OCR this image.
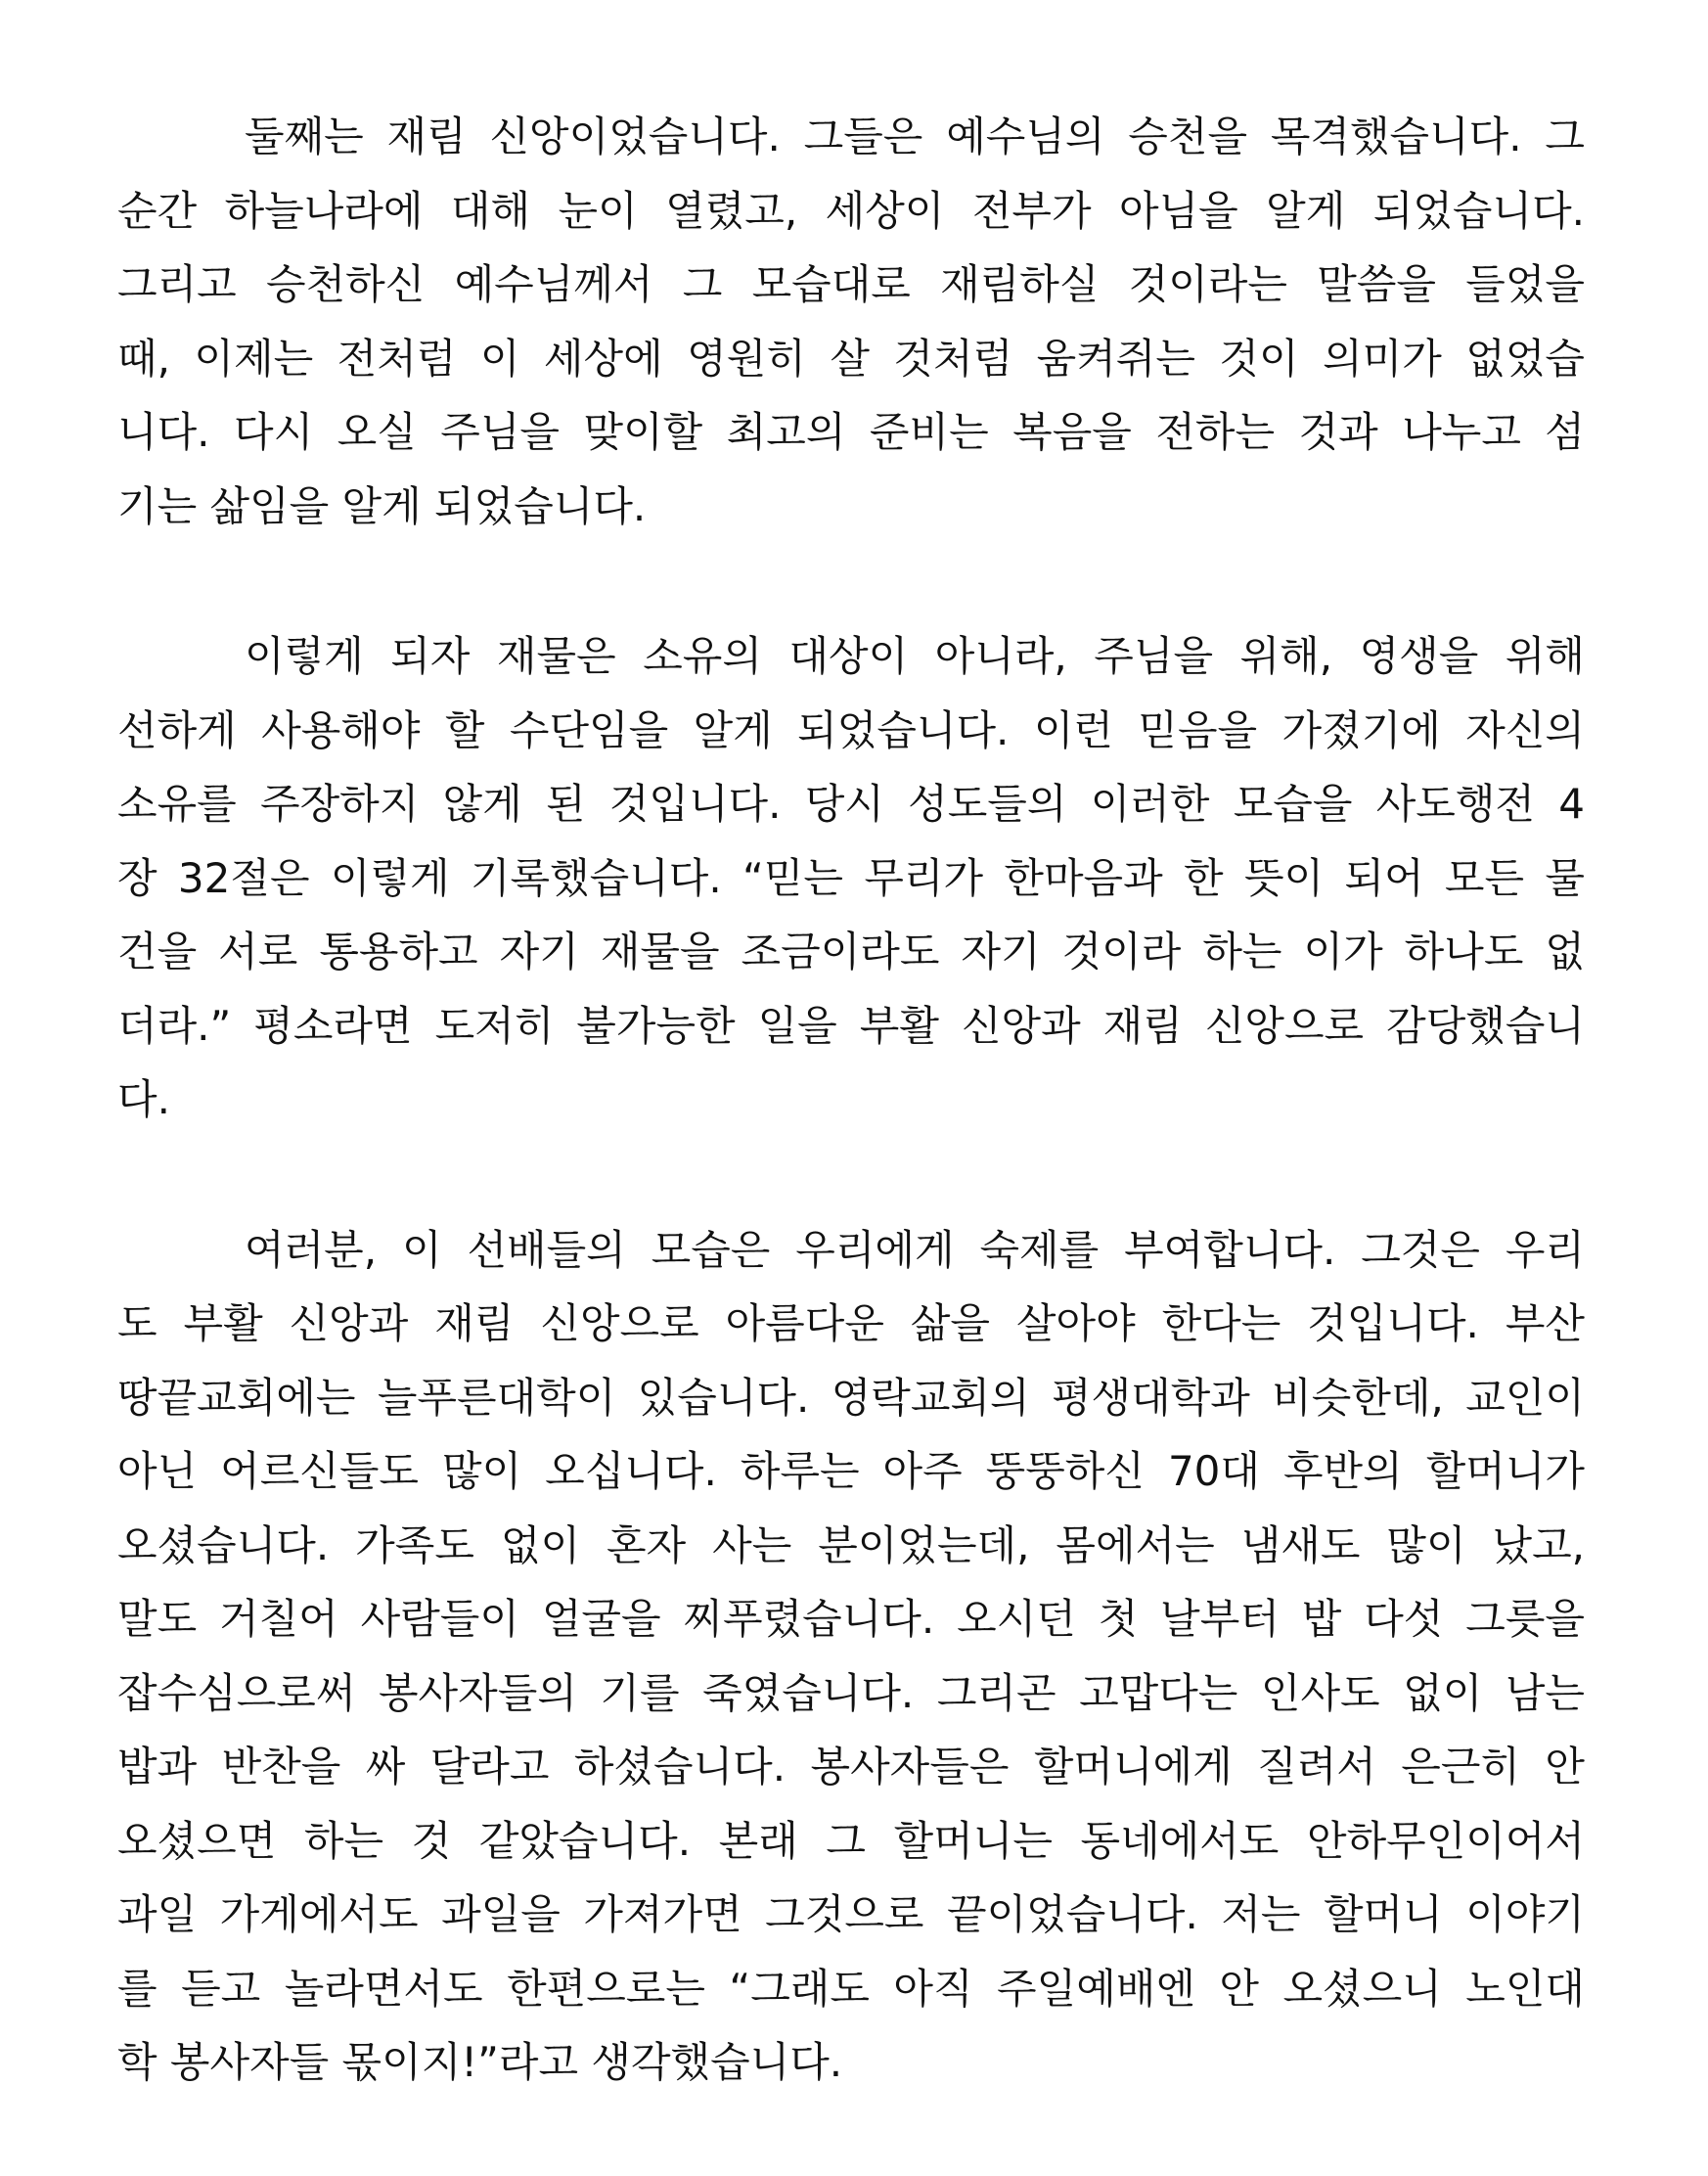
둘째는 재림 신앙이었습니다. 그들은 예수님의 승천을 목격했습니다. 그
순간 하늘나라에 대해 눈이 열렸고, 세상이 전부가 아님을 알게 되었습니다.
그리고 승천하신 예수님께서 그 모습대로 재림하실 것이라는 말씀을 들었을
때, 이제는 전처럼 이 세상에 영원히 살 것처럼 움켜쥐는 것이 의미가 없었습
니다. 다시 오실 주님을 맞이할 최고의 준비는 복음을 전하는 것과 나누고 섬
기는 삶임을 알게 되었습니다.
이렇게 되자 재물은 소유의 대상이 아니라, 주님을 위해, 영생을 위해
선하게 사용해야 할 수단임을 알게 되었습니다. 이런 믿음을 가졌기에 자신의
소유를 주장하지 않게 된 것입니다. 당시 성도들의 이러한 모습을 사도행전 4
장 32절은 이렇게 기록했습니다. “믿는 무리가 한마음과 한 뜻이 되어 모든 물
건을 서로 통용하고 자기 재물을 조금이라도 자기 것이라 하는 이가 하나도 없
더라.” 평소라면 도저히 불가능한 일을 부활 신앙과 재림 신앙으로 감당했습니
다.
여러분, 이 선배들의 모습은 우리에게 숙제를 부여합니다. 그것은 우리
도 부활 신앙과 재림 신앙으로 아름다운 삶을 살아야 한다는 것입니다. 부산
땅끝교회에는 늘푸른대학이 있습니다. 영락교회의 평생대학과 비슷한데, 교인이
아닌 어르신들도 많이 오십니다. 하루는 아주 뚱뚱하신 70대 후반의 할머니가
오셨습니다. 가족도 없이 혼자 사는 분이었는데, 몸에서는 냄새도 많이 났고,
말도 거칠어 사람들이 얼굴을 찌푸렸습니다. 오시던 첫 날부터 밥 다섯 그릇을
잡수심으로써 봉사자들의 기를 죽였습니다. 그리곤 고맙다는 인사도 없이 남는
밥과 반찬을 싸 달라고 하셨습니다. 봉사자들은 할머니에게 질려서 은근히 안
오셨으면 하는 것 같았습니다. 본래 그 할머니는 동네에서도 안하무인이어서
과일 가게에서도 과일을 가져가면 그것으로 끝이었습니다. 저는 할머니 이야기
를 듣고 놀라면서도 한편으로는 “그래도 아직 주일예배엔 안 오셨으니 노인대
학 봉사자들 몫이지!”라고 생각했습니다.
